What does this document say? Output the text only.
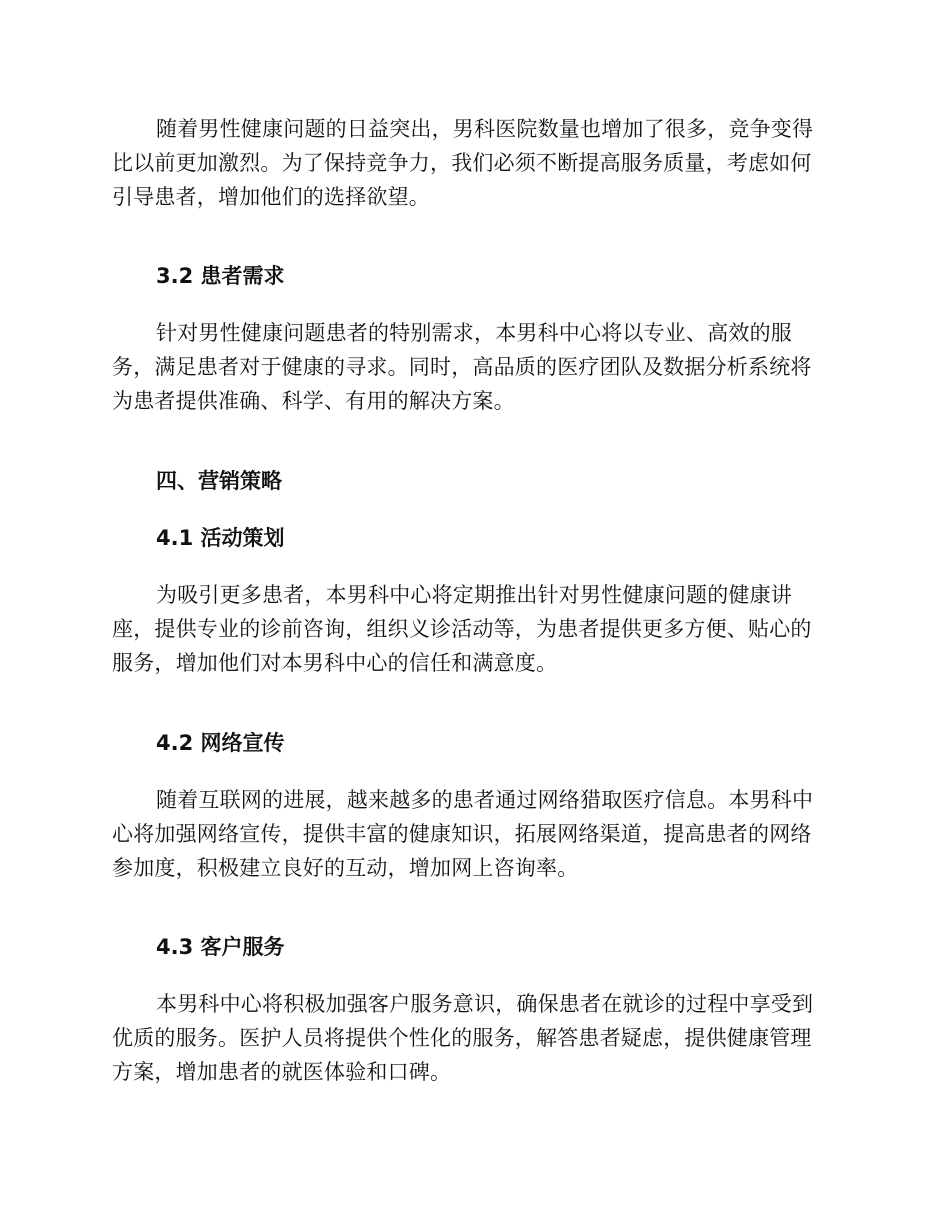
随着男性健康问题的日益突出，男科医院数量也增加了很多，竞争变得比以前更加激烈。为了保持竞争力，我们必须不断提高服务质量，考虑如何引导患者，增加他们的选择欲望。

3.2 患者需求

针对男性健康问题患者的特别需求，本男科中心将以专业、高效的服务，满足患者对于健康的寻求。同时，高品质的医疗团队及数据分析系统将为患者提供准确、科学、有用的解决方案。

四、营销策略
4.1 活动策划

为吸引更多患者，本男科中心将定期推出针对男性健康问题的健康讲座，提供专业的诊前咨询，组织义诊活动等，为患者提供更多方便、贴心的服务，增加他们对本男科中心的信任和满意度。

4.2 网络宣传

随着互联网的进展，越来越多的患者通过网络猎取医疗信息。本男科中心将加强网络宣传，提供丰富的健康知识，拓展网络渠道，提高患者的网络参加度，积极建立良好的互动，增加网上咨询率。

4.3 客户服务

本男科中心将积极加强客户服务意识，确保患者在就诊的过程中享受到优质的服务。医护人员将提供个性化的服务，解答患者疑虑，提供健康管理方案，增加患者的就医体验和口碑。
